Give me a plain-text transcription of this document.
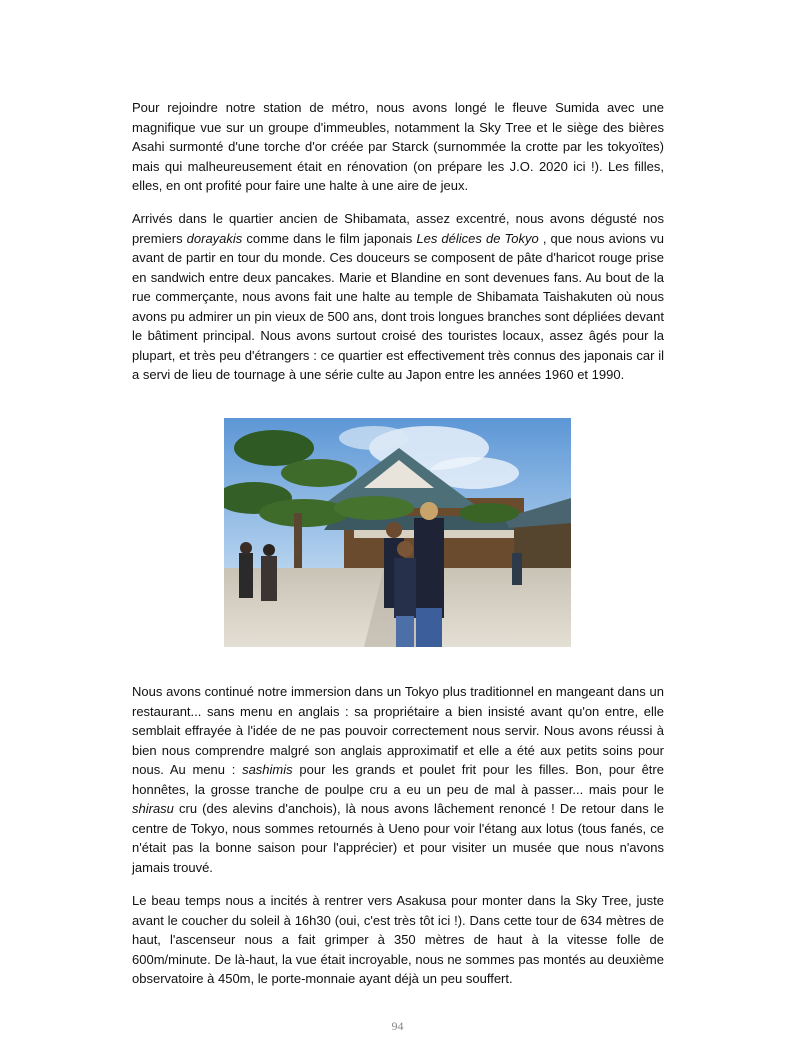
Pour rejoindre notre station de métro, nous avons longé le fleuve Sumida avec une magnifique vue sur un groupe d'immeubles, notamment la Sky Tree et le siège des bières Asahi surmonté d'une torche d'or créée par Starck (surnommée la crotte par les tokyoïtes) mais qui malheureusement était en rénovation (on prépare les J.O. 2020 ici !). Les filles, elles, en ont profité pour faire une halte à une aire de jeux.

Arrivés dans le quartier ancien de Shibamata, assez excentré, nous avons dégusté nos premiers dorayakis comme dans le film japonais Les délices de Tokyo , que nous avions vu avant de partir en tour du monde. Ces douceurs se composent de pâte d'haricot rouge prise en sandwich entre deux pancakes. Marie et Blandine en sont devenues fans. Au bout de la rue commerçante, nous avons fait une halte au temple de Shibamata Taishakuten où nous avons pu admirer un pin vieux de 500 ans, dont trois longues branches sont dépliées devant le bâtiment principal. Nous avons surtout croisé des touristes locaux, assez âgés pour la plupart, et très peu d'étrangers : ce quartier est effectivement très connus des japonais car il a servi de lieu de tournage à une série culte au Japon entre les années 1960 et 1990.

Nous avons continué notre immersion dans un Tokyo plus traditionnel en mangeant dans un restaurant... sans menu en anglais : sa propriétaire a bien insisté avant qu'on entre, elle semblait effrayée à l'idée de ne pas pouvoir correctement nous servir. Nous avons réussi à bien nous comprendre malgré son anglais approximatif et elle a été aux petits soins pour nous. Au menu : sashimis pour les grands et poulet frit pour les filles. Bon, pour être honnêtes, la grosse tranche de poulpe cru a eu un peu de mal à passer... mais pour le shirasu cru (des alevins d'anchois), là nous avons lâchement renoncé ! De retour dans le centre de Tokyo, nous sommes retournés à Ueno pour voir l'étang aux lotus (tous fanés, ce n'était pas la bonne saison pour l'apprécier) et pour visiter un musée que nous n'avons jamais trouvé.

Le beau temps nous a incités à rentrer vers Asakusa pour monter dans la Sky Tree, juste avant le coucher du soleil à 16h30 (oui, c'est très tôt ici !). Dans cette tour de 634 mètres de haut, l'ascenseur nous a fait grimper à 350 mètres de haut à la vitesse folle de 600m/minute. De là-haut, la vue était incroyable, nous ne sommes pas montés au deuxième observatoire à 450m, le porte-monnaie ayant déjà un peu souffert.

94
